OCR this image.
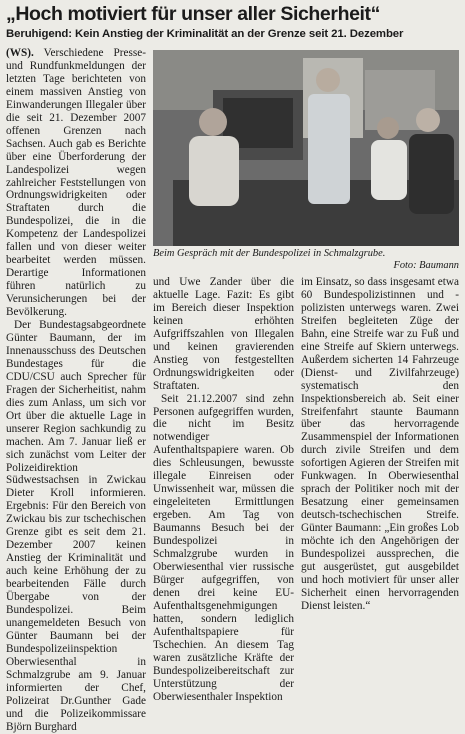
„Hoch motiviert für unser aller Sicherheit“
Beruhigend: Kein Anstieg der Kriminalität an der Grenze seit 21. Dezember

(WS). Verschiedene Presse- und Rundfunkmeldungen der letzten Tage berichteten von einem massiven Anstieg von Einwanderungen Illegaler über die seit 21. Dezember 2007 offenen Grenzen nach Sachsen. Auch gab es Berichte über eine Überforderung der Landespolizei wegen zahlreicher Feststellungen von Ordnungswidrigkeiten oder Straftaten durch die Bundespolizei, die in die Kompetenz der Landespolizei fallen und von dieser weiter bearbeitet werden müssen. Derartige Informationen führen natürlich zu Verunsicherungen bei der Bevölkerung.

Der Bundestagsabgeordnete Günter Baumann, der im Innenausschuss des Deutschen Bundestages für die CDU/CSU auch Sprecher für Fragen der Sicherheitist, nahm dies zum Anlass, um sich vor Ort über die aktuelle Lage in unserer Region sachkundig zu machen. Am 7. Januar ließ er sich zunächst vom Leiter der Polizeidirektion Südwestsachsen in Zwickau Dieter Kroll informieren. Ergebnis: Für den Bereich von Zwickau bis zur tschechischen Grenze gibt es seit dem 21. Dezember 2007 keinen Anstieg der Kriminalität und auch keine Erhöhung der zu bearbeitenden Fälle durch Übergabe von der Bundespolizei. Beim unangemeldeten Besuch von Günter Baumann bei der Bundespolizeiinspektion Oberwiesenthal in Schmalzgrube am 9. Januar informierten der Chef, Polizeirat Dr.Gunther Gade und die Polizeikommissare Björn Burghard

Beim Gespräch mit der Bundespolizei in Schmalzgrube.
Foto: Baumann

und Uwe Zander über die aktuelle Lage. Fazit: Es gibt im Bereich dieser Inspektion keinen erhöhten Aufgriffszahlen von Illegalen und keinen gravierenden Anstieg von festgestellten Ordnungswidrigkeiten oder Straftaten.

Seit 21.12.2007 sind zehn Personen aufgegriffen wurden, die nicht im Besitz notwendiger Aufenthaltspapiere waren. Ob dies Schleusungen, bewusste illegale Einreisen oder Unwissenheit war, müssen die eingeleiteten Ermittlungen ergeben. Am Tag von Baumanns Besuch bei der Bundespolizei in Schmalzgrube wurden in Oberwiesenthal vier russische Bürger aufgegriffen, von denen drei keine EU-Aufenthaltsgenehmigungen hatten, sondern lediglich Aufenthaltspapiere für Tschechien. An diesem Tag waren zusätzliche Kräfte der Bundespolizeibereitschaft zur Unterstützung der Oberwiesenthaler Inspektion

im Einsatz, so dass insgesamt etwa 60 Bundespolizistinnen und -polizisten unterwegs waren. Zwei Streifen begleiteten Züge der Bahn, eine Streife war zu Fuß und eine Streife auf Skiern unterwegs. Außerdem sicherten 14 Fahrzeuge (Dienst- und Zivilfahrzeuge) systematisch den Inspektionsbereich ab. Seit einer Streifenfahrt staunte Baumann über das hervorragende Zusammenspiel der Informationen durch zivile Streifen und dem sofortigen Agieren der Streifen mit Funkwagen. In Oberwiesenthal sprach der Politiker noch mit der Besatzung einer gemeinsamen deutsch-tschechischen Streife. Günter Baumann: „Ein großes Lob möchte ich den Angehörigen der Bundespolizei aussprechen, die gut ausgerüstet, gut ausgebildet und hoch motiviert für unser aller Sicherheit einen hervorragenden Dienst leisten.“
